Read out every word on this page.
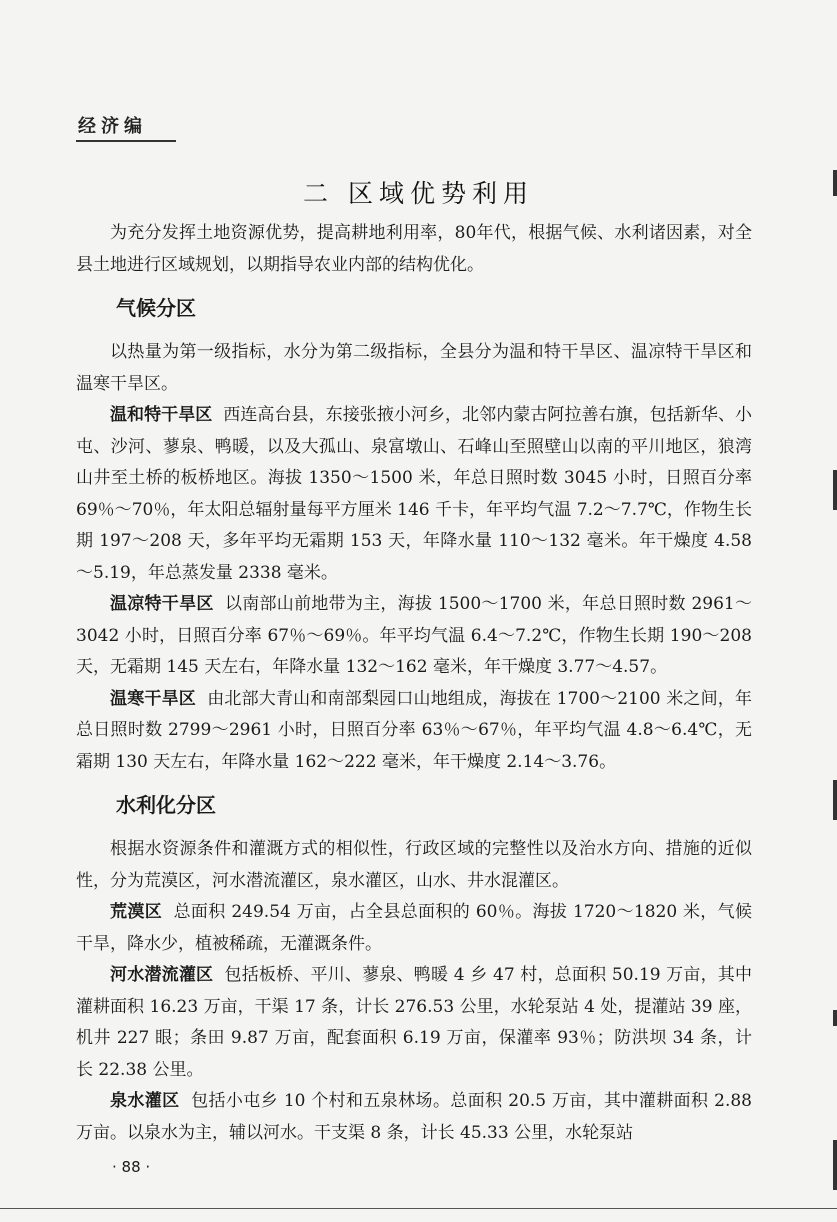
经济编
二 区域优势利用

为充分发挥土地资源优势，提高耕地利用率，80年代，根据气候、水利诸因素，对全县土地进行区域规划，以期指导农业内部的结构优化。

气候分区

以热量为第一级指标，水分为第二级指标，全县分为温和特干旱区、温凉特干旱区和温寒干旱区。

温和特干旱区 西连高台县，东接张掖小河乡，北邻内蒙古阿拉善右旗，包括新华、小屯、沙河、蓼泉、鸭暖，以及大孤山、泉富墩山、石峰山至照壁山以南的平川地区，狼湾山井至土桥的板桥地区。海拔 1350～1500 米，年总日照时数 3045 小时，日照百分率 69％～70％，年太阳总辐射量每平方厘米 146 千卡，年平均气温 7.2～7.7℃，作物生长期 197～208 天，多年平均无霜期 153 天，年降水量 110～132 毫米。年干燥度 4.58～5.19，年总蒸发量 2338 毫米。

温凉特干旱区 以南部山前地带为主，海拔 1500～1700 米，年总日照时数 2961～3042 小时，日照百分率 67％～69％。年平均气温 6.4～7.2℃，作物生长期 190～208 天，无霜期 145 天左右，年降水量 132～162 毫米，年干燥度 3.77～4.57。

温寒干旱区 由北部大青山和南部梨园口山地组成，海拔在 1700～2100 米之间，年总日照时数 2799～2961 小时，日照百分率 63％～67％，年平均气温 4.8～6.4℃，无霜期 130 天左右，年降水量 162～222 毫米，年干燥度 2.14～3.76。

水利化分区

根据水资源条件和灌溉方式的相似性，行政区域的完整性以及治水方向、措施的近似性，分为荒漠区，河水潜流灌区，泉水灌区，山水、井水混灌区。

荒漠区 总面积 249.54 万亩，占全县总面积的 60％。海拔 1720～1820 米，气候干旱，降水少，植被稀疏，无灌溉条件。

河水潜流灌区 包括板桥、平川、蓼泉、鸭暖 4 乡 47 村，总面积 50.19 万亩，其中灌耕面积 16.23 万亩，干渠 17 条，计长 276.53 公里，水轮泵站 4 处，提灌站 39 座，机井 227 眼；条田 9.87 万亩，配套面积 6.19 万亩，保灌率 93％；防洪坝 34 条，计长 22.38 公里。

泉水灌区 包括小屯乡 10 个村和五泉林场。总面积 20.5 万亩，其中灌耕面积 2.88 万亩。以泉水为主，辅以河水。干支渠 8 条，计长 45.33 公里，水轮泵站

· 88 ·
